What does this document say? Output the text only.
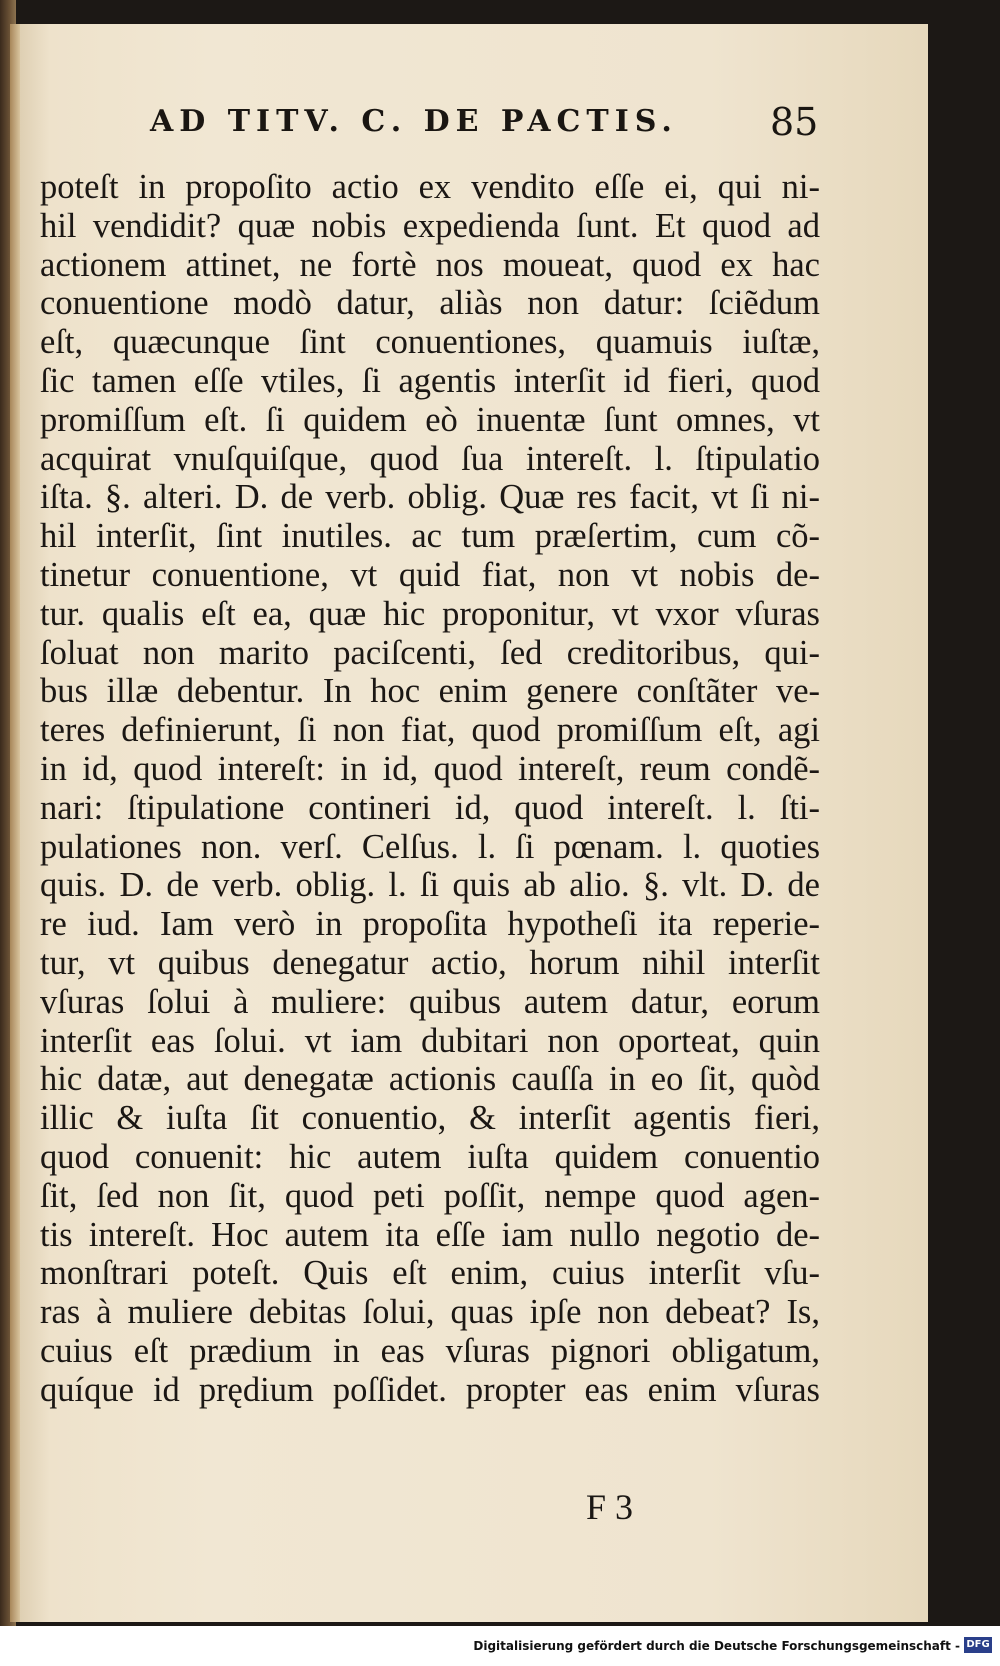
AD TITV. C. DE PACTIS.	85
poteſt in propoſito actio ex vendito eſſe ei, qui ni-
hil vendidit? quæ nobis expedienda ſunt. Et quod ad
actionem attinet, ne fortè nos moueat, quod ex hac
conuentione modò datur, aliàs non datur: ſciẽdum
eſt, quæcunque ſint conuentiones, quamuis iuſtæ,
ſic tamen eſſe vtiles, ſi agentis interſit id fieri, quod
promiſſum eſt. ſi quidem eò inuentæ ſunt omnes, vt
acquirat vnuſquiſque, quod ſua intereſt. l. ſtipulatio
iſta. §. alteri. D. de verb. oblig. Quæ res facit, vt ſi ni-
hil interſit, ſint inutiles. ac tum præſertim, cum cõ-
tinetur conuentione, vt quid fiat, non vt nobis de-
tur. qualis eſt ea, quæ hic proponitur, vt vxor vſuras
ſoluat non marito paciſcenti, ſed creditoribus, qui-
bus illæ debentur. In hoc enim genere conſtãter ve-
teres definierunt, ſi non fiat, quod promiſſum eſt, agi
in id, quod intereſt: in id, quod intereſt, reum condẽ-
nari: ſtipulatione contineri id, quod intereſt. l. ſti-
pulationes non. verſ. Celſus. l. ſi pœnam. l. quoties
quis. D. de verb. oblig. l. ſi quis ab alio. §. vlt. D. de
re iud. Iam verò in propoſita hypotheſi ita reperie-
tur, vt quibus denegatur actio, horum nihil interſit
vſuras ſolui à muliere: quibus autem datur, eorum
interſit eas ſolui. vt iam dubitari non oporteat, quin
hic datæ, aut denegatæ actionis cauſſa in eo ſit, quòd
illic & iuſta ſit conuentio, & interſit agentis fieri,
quod conuenit: hic autem iuſta quidem conuentio
ſit, ſed non ſit, quod peti poſſit, nempe quod agen-
tis intereſt. Hoc autem ita eſſe iam nullo negotio de-
monſtrari poteſt. Quis eſt enim, cuius interſit vſu-
ras à muliere debitas ſolui, quas ipſe non debeat? Is,
cuius eſt prædium in eas vſuras pignori obligatum,
quíque id prędium poſſidet. propter eas enim vſuras
F 3
Digitalisierung gefördert durch die Deutsche Forschungsgemeinschaft - DFG
